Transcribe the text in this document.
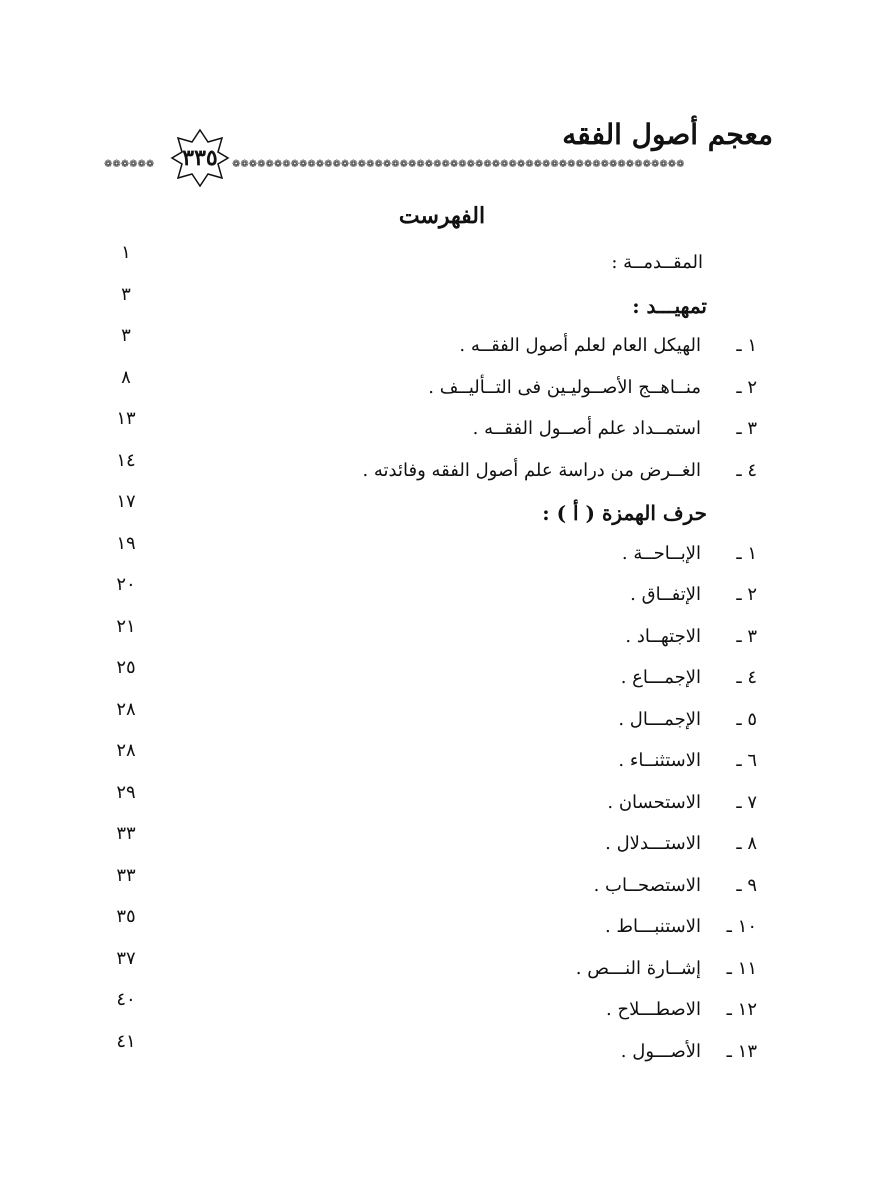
معجم أصول الفقه
❁❁❁❁❁❁	❁❁❁❁❁❁❁❁❁❁❁❁❁❁❁❁❁❁❁❁❁❁❁❁❁❁❁❁❁❁❁❁❁❁❁❁❁❁❁❁❁❁❁❁❁❁❁❁❁❁❁❁❁❁
٣٣٥
الفهرست
المقــدمــة :
١
تمهيـــد :
٣
١ ـالهيكل العام لعلم أصول الفقــه .
٣
٢ ـمنــاهــج الأصــوليـين فى التــأليــف .
٨
٣ ـاستمــداد علم أصــول الفقــه .
١٣
٤ ـالغــرض من دراسة علم أصول الفقه وفائدته .
١٤
حرف الهمزة ( أ ) :
١٧
١ ـالإبــاحــة .
١٩
٢ ـالإتفــاق .
٢٠
٣ ـالاجتهــاد .
٢١
٤ ـالإجمـــاع .
٢٥
٥ ـالإجمـــال .
٢٨
٦ ـالاستثنــاء .
٢٨
٧ ـالاستحسان .
٢٩
٨ ـالاستـــدلال .
٣٣
٩ ـالاستصحــاب .
٣٣
١٠ ـالاستنبـــاط .
٣٥
١١ ـإشــارة النـــص .
٣٧
١٢ ـالاصطـــلاح .
٤٠
١٣ ـالأصـــول .
٤١
